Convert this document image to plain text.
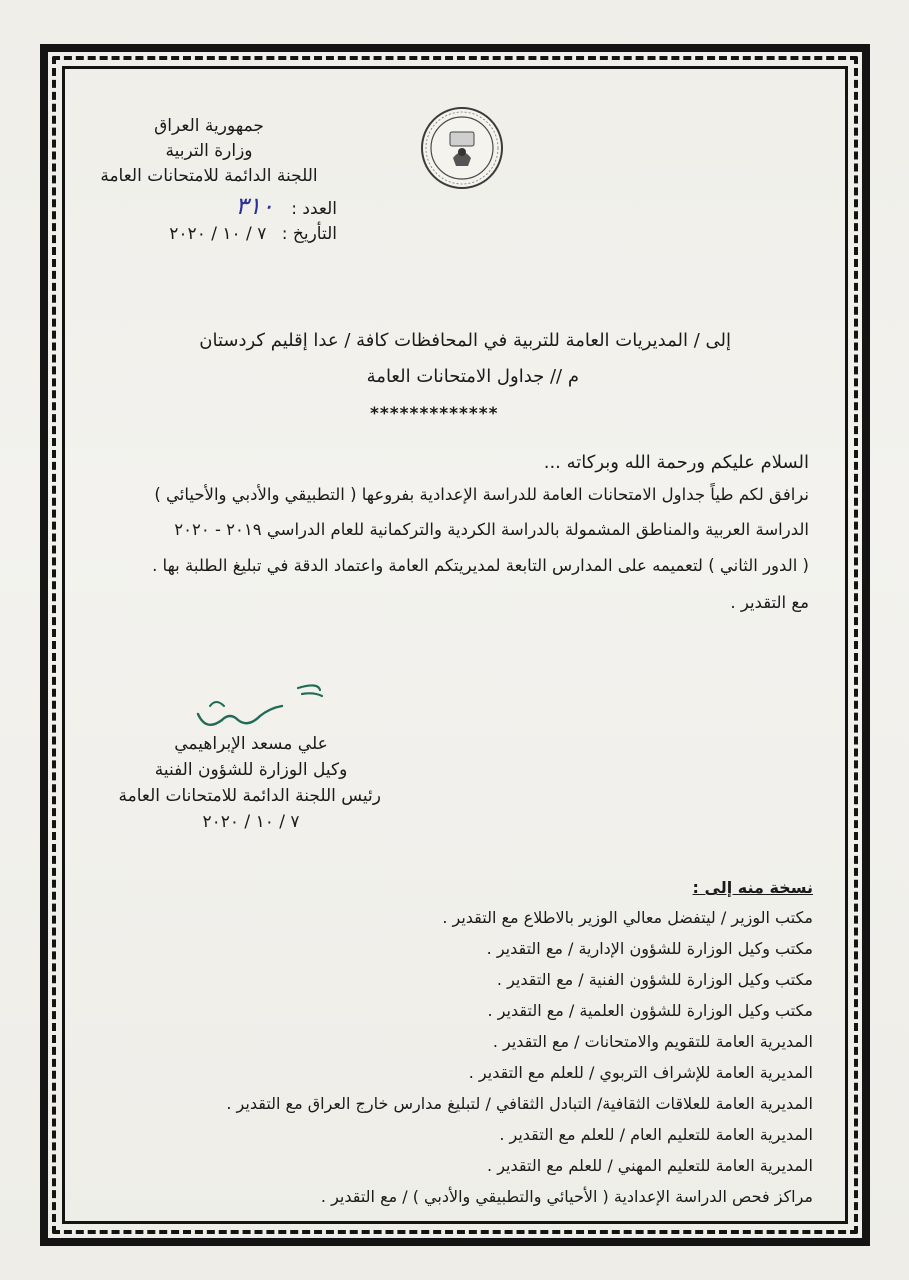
جمهورية العراق
وزارة التربية
اللجنة الدائمة للامتحانات العامة
العدد : ٣١٠
التأريخ : ٧ / ١٠ / ٢٠٢٠
إلى / المديريات العامة للتربية في المحافظات كافة / عدا إقليم كردستان
م // جداول الامتحانات العامة
*************
السلام عليكم ورحمة الله وبركاته ...
نرافق لكم طياً جداول الامتحانات العامة للدراسة الإعدادية بفروعها ( التطبيقي والأدبي والأحيائي )
الدراسة العربية والمناطق المشمولة بالدراسة الكردية والتركمانية للعام الدراسي ٢٠١٩ - ٢٠٢٠
( الدور الثاني ) لتعميمه على المدارس التابعة لمديريتكم العامة واعتماد الدقة في تبليغ الطلبة بها .
مع التقدير .
علي مسعد الإبراهيمي
وكيل الوزارة للشؤون الفنية
رئيس اللجنة الدائمة للامتحانات العامة
٧ / ١٠ / ٢٠٢٠
نسخة منه إلى :
مكتب الوزير / ليتفضل معالي الوزير بالاطلاع مع التقدير .
مكتب وكيل الوزارة للشؤون الإدارية / مع التقدير .
مكتب وكيل الوزارة للشؤون الفنية / مع التقدير .
مكتب وكيل الوزارة للشؤون العلمية / مع التقدير .
المديرية العامة للتقويم والامتحانات / مع التقدير .
المديرية العامة للإشراف التربوي / للعلم مع التقدير .
المديرية العامة للعلاقات الثقافية/ التبادل الثقافي / لتبليغ مدارس خارج العراق مع التقدير .
المديرية العامة للتعليم العام / للعلم مع التقدير .
المديرية العامة للتعليم المهني / للعلم مع التقدير .
مراكز فحص الدراسة الإعدادية ( الأحيائي والتطبيقي والأدبي ) / مع التقدير .
